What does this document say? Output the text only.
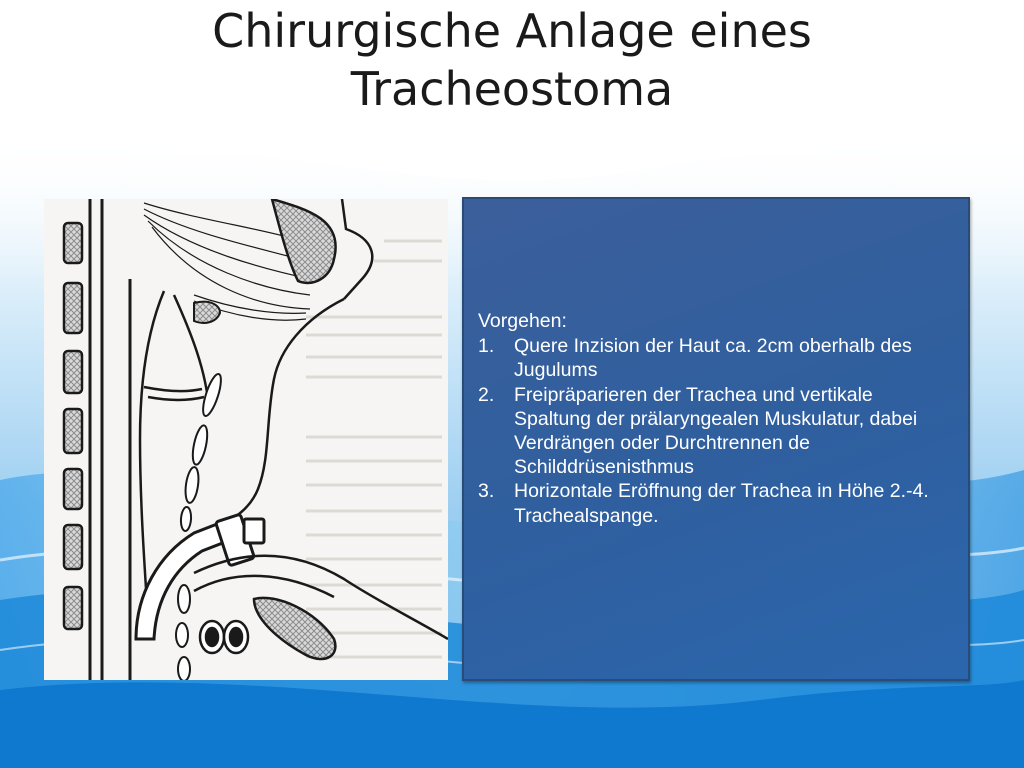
Chirurgische Anlage eines
Tracheostoma
Vorgehen:
1. Quere Inzision der Haut ca. 2cm oberhalb des Jugulums
2. Freipräparieren der Trachea und vertikale Spaltung der prälaryngealen Muskulatur, dabei Verdrängen oder Durchtrennen de Schilddrüsenisthmus
3. Horizontale Eröffnung der Trachea in Höhe 2.-4. Trachealspange.
